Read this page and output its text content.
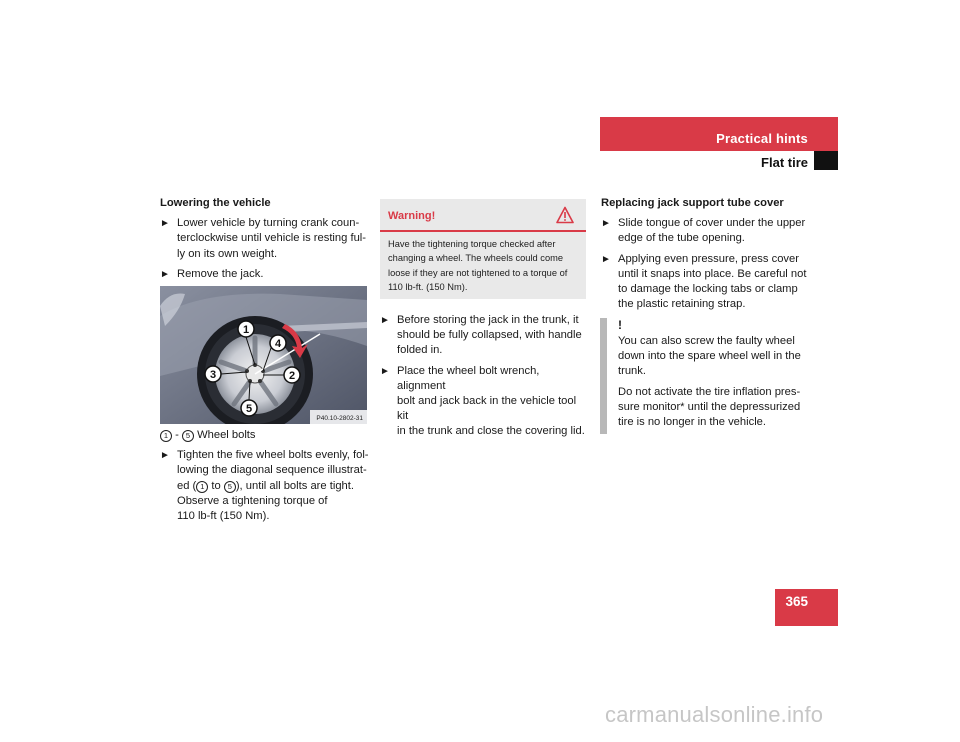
Practical hints
Flat tire
Lowering the vehicle
► Lower vehicle by turning crank coun-
terclockwise until vehicle is resting ful-
ly on its own weight.

► Remove the jack.

1
4
3	2
5
P40.10-2802-31
1 - 5 Wheel bolts
► Tighten the five wheel bolts evenly, fol-

lowing the diagonal sequence illustrat-

ed ( 1 to 5 ), until all bolts are tight.

Observe a tightening torque of

110 lb-ft (150 Nm).

Warning!
Have the tightening torque checked after
changing a wheel. The wheels could come
loose if they are not tightened to a torque of
110 lb-ft. (150 Nm).
► Before storing the jack in the trunk, it
should be fully collapsed, with handle
folded in.

► Place the wheel bolt wrench, alignment
bolt and jack back in the vehicle tool kit
in the trunk and close the covering lid.

Replacing jack support tube cover
► Slide tongue of cover under the upper
edge of the tube opening.

► Applying even pressure, press cover
until it snaps into place. Be careful not
to damage the locking tabs or clamp
the plastic retaining strap.

!

You can also screw the faulty wheel
down into the spare wheel well in the
trunk.

Do not activate the tire inflation pres-
sure monitor* until the depressurized
tire is no longer in the vehicle.

365
carmanualsonline.info
